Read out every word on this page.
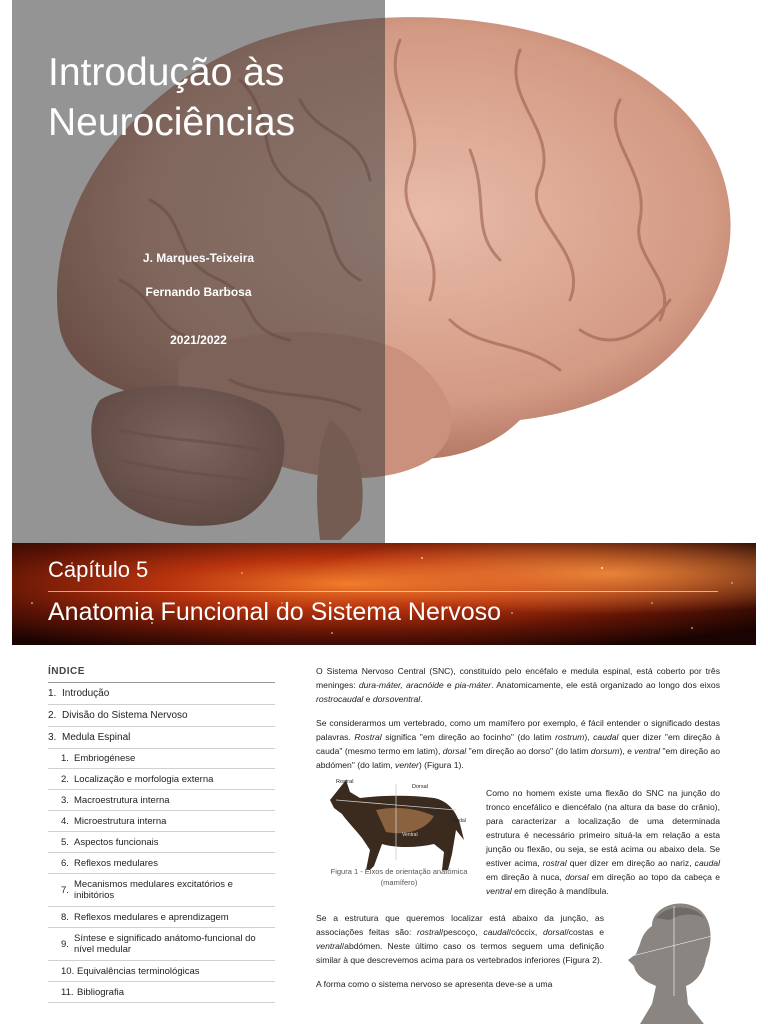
Introdução às
Neurociências
J. Marques-Teixeira
Fernando Barbosa
2021/2022
Capítulo 5
Anatomia Funcional do Sistema Nervoso
ÍNDICE
1. Introdução
2. Divisão do Sistema Nervoso
3. Medula Espinal
1. Embriogénese
2. Localização e morfologia externa
3. Macroestrutura interna
4. Microestrutura interna
5. Aspectos funcionais
6. Reflexos medulares
7. Mecanismos medulares excitatórios e inibitórios
8. Reflexos medulares e aprendizagem
9. Síntese e significado anátomo-funcional do nível medular
10. Equivalências terminológicas
11. Bibliografia

O Sistema Nervoso Central (SNC), constituído pelo encéfalo e medula espinal, está coberto por três meninges: dura-máter, aracnóide e pia-máter. Anatomicamente, ele está organizado ao longo dos eixos rostrocaudal e dorsoventral.

Se considerarmos um vertebrado, como um mamífero por exemplo, é fácil entender o significado destas palavras. Rostral significa "em direção ao focinho" (do latim rostrum), caudal quer dizer "em direção à cauda" (mesmo termo em latim), dorsal "em direção ao dorso" (do latim dorsum), e ventral "em direção ao abdómen" (do latim, venter) (Figura 1).

Rostral
Dorsal
Ventral
Caudal
Figura 1 - Eixos de orientação anatómica (mamífero)
Como no homem existe uma flexão do SNC na junção do tronco encefálico e diencéfalo (na altura da base do crânio), para caracterizar a localização de uma determinada estrutura é necessário primeiro situá-la em relação a esta junção ou flexão, ou seja, se está acima ou abaixo dela. Se estiver acima, rostral quer dizer em direção ao nariz, caudal em direção à nuca, dorsal em direção ao topo da cabeça e ventral em direção à mandíbula.

Se a estrutura que queremos localizar está abaixo da junção, as associações feitas são: rostral/pescoço, caudal/cóccix, dorsal/costas e ventral/abdómen. Neste último caso os termos seguem uma definição similar à que descrevemos acima para os vertebrados inferiores (Figura 2).

A forma como o sistema nervoso se apresenta deve-se a uma
